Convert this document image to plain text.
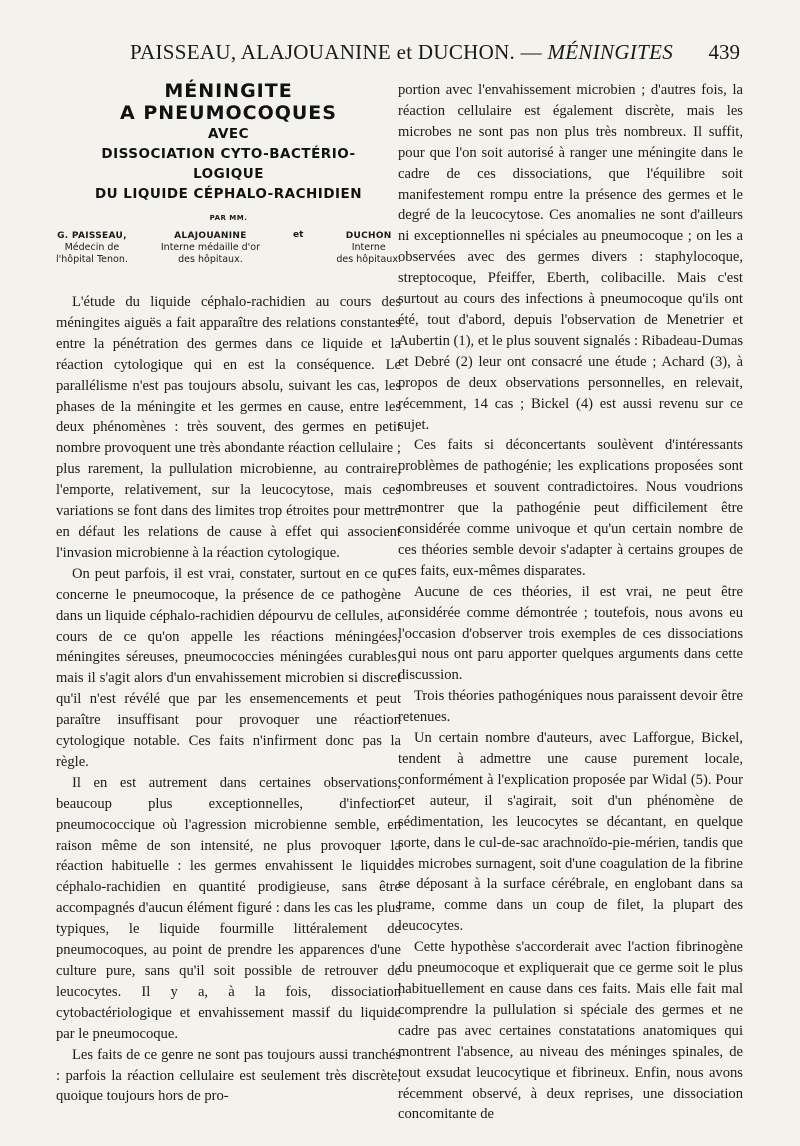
PAISSEAU, ALAJOUANINE et DUCHON. — MÉNINGITES 439
MÉNINGITE
A PNEUMOCOQUES
AVEC
DISSOCIATION CYTO-BACTÉRIO-
LOGIQUE
DU LIQUIDE CÉPHALO-RACHIDIEN
PAR MM.
G. PAISSEAU,
Médecin de
l'hôpital Tenon.
ALAJOUANINE
Interne médaille d'or
des hôpitaux.
et	DUCHON
Interne
des hôpitaux.

L'étude du liquide céphalo-rachidien au cours des méningites aiguës a fait apparaître des relations constantes entre la pénétration des germes dans ce liquide et la réaction cytologique qui en est la conséquence. Le parallélisme n'est pas toujours absolu, suivant les cas, les phases de la méningite et les germes en cause, entre les deux phénomènes : très souvent, des germes en petit nombre provoquent une très abondante réaction cellulaire ; plus rarement, la pullulation microbienne, au contraire, l'emporte, relativement, sur la leucocytose, mais ces variations se font dans des limites trop étroites pour mettre en défaut les relations de cause à effet qui associent l'invasion microbienne à la réaction cytologique.

On peut parfois, il est vrai, constater, surtout en ce qui concerne le pneumocoque, la présence de ce pathogène dans un liquide céphalo-rachidien dépourvu de cellules, au cours de ce qu'on appelle les réactions méningées, méningites séreuses, pneumococcies méningées curables; mais il s'agit alors d'un envahissement microbien si discret qu'il n'est révélé que par les ensemencements et peut paraître insuffisant pour provoquer une réaction cytologique notable. Ces faits n'infirment donc pas la règle.

Il en est autrement dans certaines observations, beaucoup plus exceptionnelles, d'infection pneumococcique où l'agression microbienne semble, en raison même de son intensité, ne plus provoquer la réaction habituelle : les germes envahissent le liquide céphalo-rachidien en quantité prodigieuse, sans être accompagnés d'aucun élément figuré : dans les cas les plus typiques, le liquide fourmille littéralement de pneumocoques, au point de prendre les apparences d'une culture pure, sans qu'il soit possible de retrouver de leucocytes. Il y a, à la fois, dissociation cytobactériologique et envahissement massif du liquide par le pneumocoque.

Les faits de ce genre ne sont pas toujours aussi tranchés : parfois la réaction cellulaire est seulement très discrète, quoique toujours hors de pro-

portion avec l'envahissement microbien ; d'autres fois, la réaction cellulaire est également discrète, mais les microbes ne sont pas non plus très nombreux. Il suffit, pour que l'on soit autorisé à ranger une méningite dans le cadre de ces dissociations, que l'équilibre soit manifestement rompu entre la présence des germes et le degré de la leucocytose. Ces anomalies ne sont d'ailleurs ni exceptionnelles ni spéciales au pneumocoque ; on les a observées avec des germes divers : staphylocoque, streptocoque, Pfeiffer, Eberth, colibacille. Mais c'est surtout au cours des infections à pneumocoque qu'ils ont été, tout d'abord, depuis l'observation de Menetrier et Aubertin (1), et le plus souvent signalés : Ribadeau-Dumas et Debré (2) leur ont consacré une étude ; Achard (3), à propos de deux observations personnelles, en relevait, récemment, 14 cas ; Bickel (4) est aussi revenu sur ce sujet.

Ces faits si déconcertants soulèvent d'intéressants problèmes de pathogénie; les explications proposées sont nombreuses et souvent contradictoires. Nous voudrions montrer que la pathogénie peut difficilement être considérée comme univoque et qu'un certain nombre de ces théories semble devoir s'adapter à certains groupes de ces faits, eux-mêmes disparates.

Aucune de ces théories, il est vrai, ne peut être considérée comme démontrée ; toutefois, nous avons eu l'occasion d'observer trois exemples de ces dissociations qui nous ont paru apporter quelques arguments dans cette discussion.

Trois théories pathogéniques nous paraissent devoir être retenues.

Un certain nombre d'auteurs, avec Lafforgue, Bickel, tendent à admettre une cause purement locale, conformément à l'explication proposée par Widal (5). Pour cet auteur, il s'agirait, soit d'un phénomène de sédimentation, les leucocytes se décantant, en quelque sorte, dans le cul-de-sac arachnoïdo-pie-mérien, tandis que les microbes surnagent, soit d'une coagulation de la fibrine se déposant à la surface cérébrale, en englobant dans sa trame, comme dans un coup de filet, la plupart des leucocytes.

Cette hypothèse s'accorderait avec l'action fibrinogène du pneumocoque et expliquerait que ce germe soit le plus habituellement en cause dans ces faits. Mais elle fait mal comprendre la pullulation si spéciale des germes et ne cadre pas avec certaines constatations anatomiques qui montrent l'absence, au niveau des méninges spinales, de tout exsudat leucocytique et fibrineux. Enfin, nous avons récemment observé, à deux reprises, une dissociation concomitante de
